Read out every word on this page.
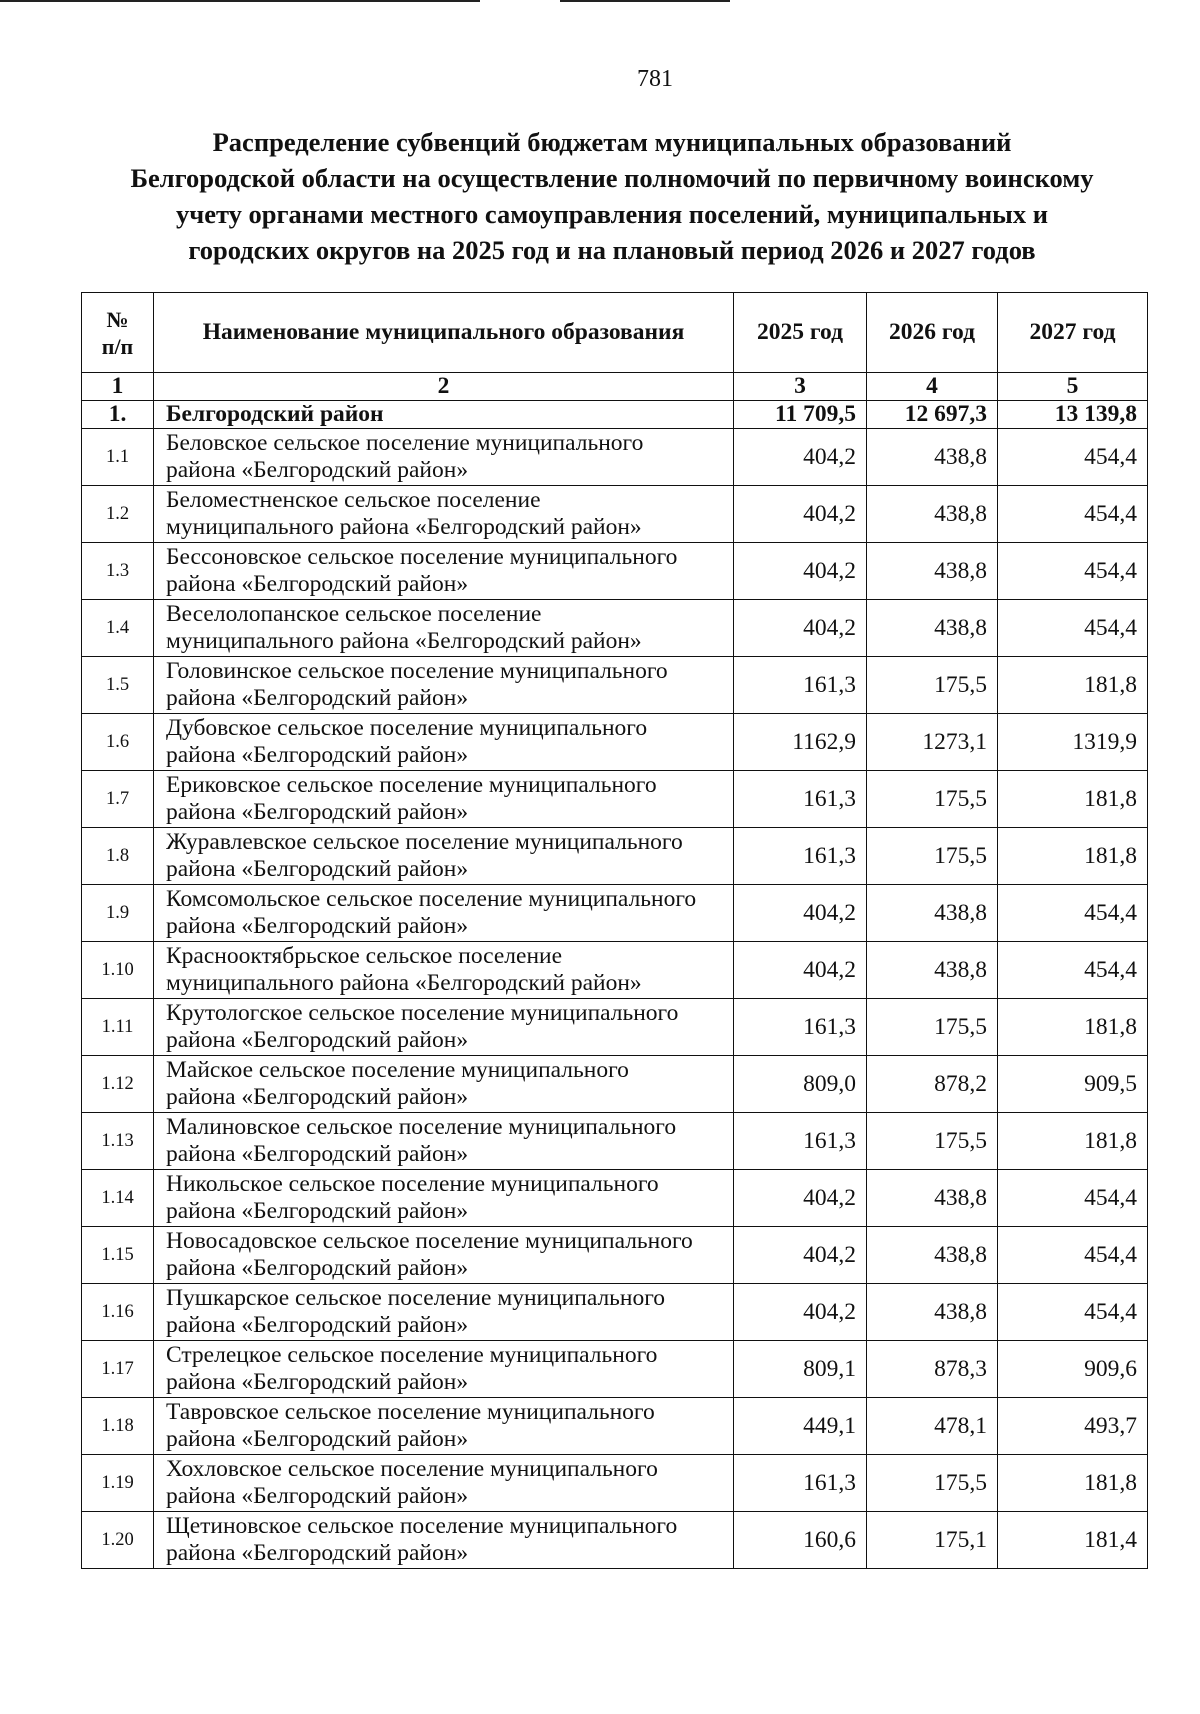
781
Распределение субвенций бюджетам муниципальных образований
Белгородской области на осуществление полномочий по первичному воинскому
учету органами местного самоуправления поселений, муниципальных и
городских округов на 2025 год и на плановый период 2026 и 2027 годов
№
п/п	Наименование муниципального образования	2025 год	2026 год	2027 год
1	2	3	4	5
1.	Белгородский район	11 709,5	12 697,3	13 139,8
1.1	Беловское сельское поселение муниципального
района «Белгородский район»	404,2	438,8	454,4
1.2	Беломестненское сельское поселение
муниципального района «Белгородский район»	404,2	438,8	454,4
1.3	Бессоновское сельское поселение муниципального
района «Белгородский район»	404,2	438,8	454,4
1.4	Веселолопанское сельское поселение
муниципального района «Белгородский район»	404,2	438,8	454,4
1.5	Головинское сельское поселение муниципального
района «Белгородский район»	161,3	175,5	181,8
1.6	Дубовское сельское поселение муниципального
района «Белгородский район»	1162,9	1273,1	1319,9
1.7	Ериковское сельское поселение муниципального
района «Белгородский район»	161,3	175,5	181,8
1.8	Журавлевское сельское поселение муниципального
района «Белгородский район»	161,3	175,5	181,8
1.9	Комсомольское сельское поселение муниципального
района «Белгородский район»	404,2	438,8	454,4
1.10	Краснооктябрьское сельское поселение
муниципального района «Белгородский район»	404,2	438,8	454,4
1.11	Крутологское сельское поселение муниципального
района «Белгородский район»	161,3	175,5	181,8
1.12	Майское сельское поселение муниципального
района «Белгородский район»	809,0	878,2	909,5
1.13	Малиновское сельское поселение муниципального
района «Белгородский район»	161,3	175,5	181,8
1.14	Никольское сельское поселение муниципального
района «Белгородский район»	404,2	438,8	454,4
1.15	Новосадовское сельское поселение муниципального
района «Белгородский район»	404,2	438,8	454,4
1.16	Пушкарское сельское поселение муниципального
района «Белгородский район»	404,2	438,8	454,4
1.17	Стрелецкое сельское поселение муниципального
района «Белгородский район»	809,1	878,3	909,6
1.18	Тавровское сельское поселение муниципального
района «Белгородский район»	449,1	478,1	493,7
1.19	Хохловское сельское поселение муниципального
района «Белгородский район»	161,3	175,5	181,8
1.20	Щетиновское сельское поселение муниципального
района «Белгородский район»	160,6	175,1	181,4
